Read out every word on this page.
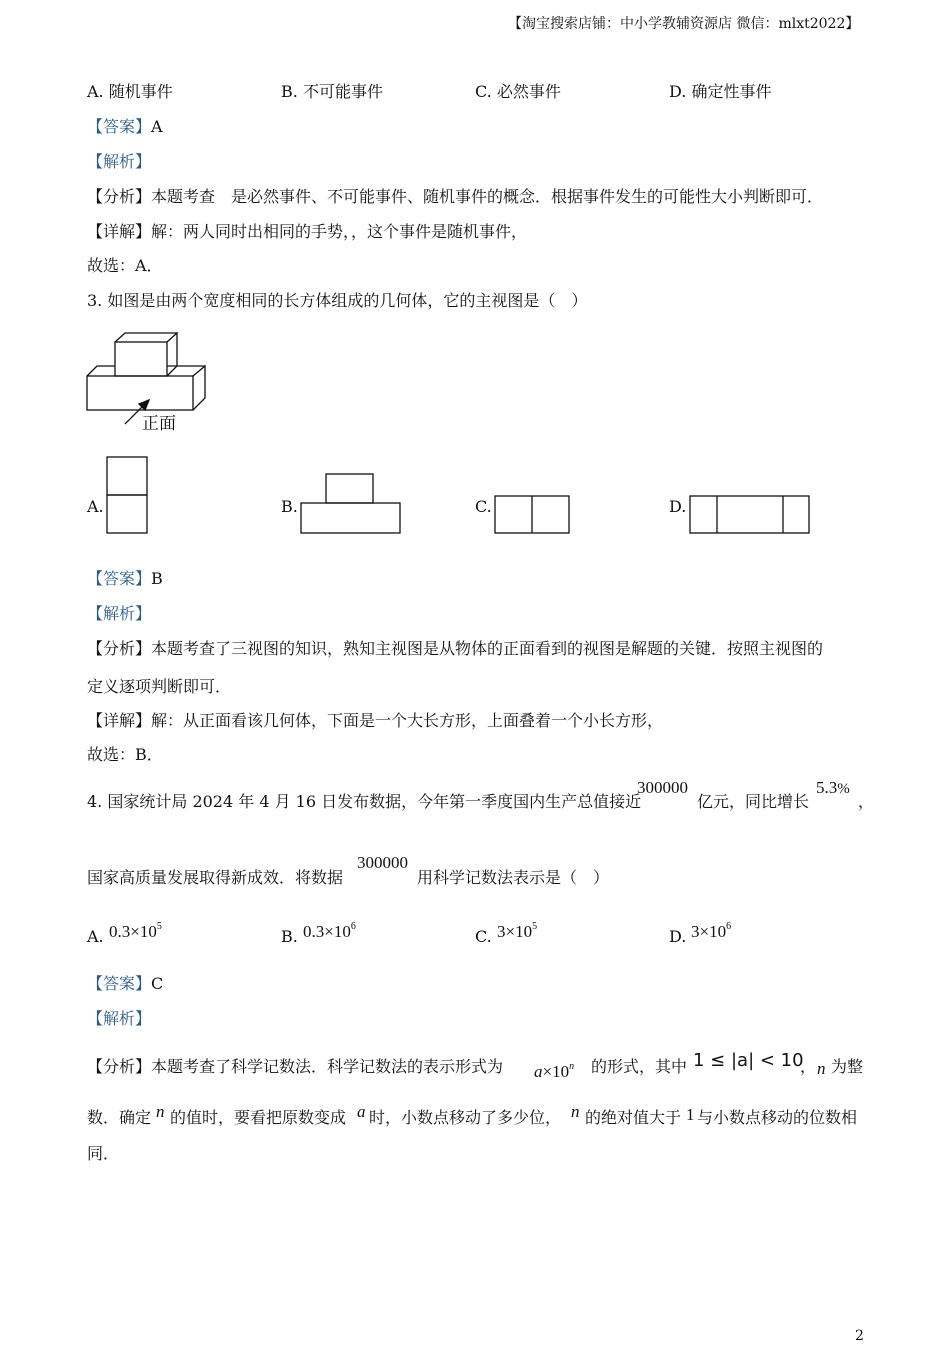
【淘宝搜索店铺：中小学教辅资源店 微信：mlxt2022】
A. 随机事件	B. 不可能事件	C. 必然事件	D. 确定性事件
【答案】A
【解析】
【分析】本题考查　是必然事件、不可能事件、随机事件的概念．根据事件发生的可能性大小判断即可．
【详解】解：两人同时出相同的手势，，这个事件是随机事件，
故选：A．
3. 如图是由两个宽度相同的长方体组成的几何体，它的主视图是（　）
正面
A.	B.	C.	D.
【答案】B
【解析】
【分析】本题考查了三视图的知识，熟知主视图是从物体的正面看到的视图是解题的关键．按照主视图的
定义逐项判断即可．
【详解】解：从正面看该几何体，下面是一个大长方形，上面叠着一个小长方形，
故选：B．
4. 国家统计局 2024 年 4 月 16 日发布数据，今年第一季度国内生产总值接近
300000
亿元，同比增长
5.3%
，
国家高质量发展取得新成效．将数据
300000
用科学记数法表示是（　）
A. $0.3\times 10^5$
B. $0.3\times 10^6$
C. $3\times 10^5$
D. $3\times 10^6$
【答案】C
【解析】
【分析】本题考查了科学记数法．科学记数法的表示形式为 $a\times 10^n$ 的形式，其中 1 ≤ |a| < 10
， n 为整
数．确定 n 的值时，要看把原数变成 a 时，小数点移动了多少位， n 的绝对值大于 1 与小数点移动的位数相
同．
2
